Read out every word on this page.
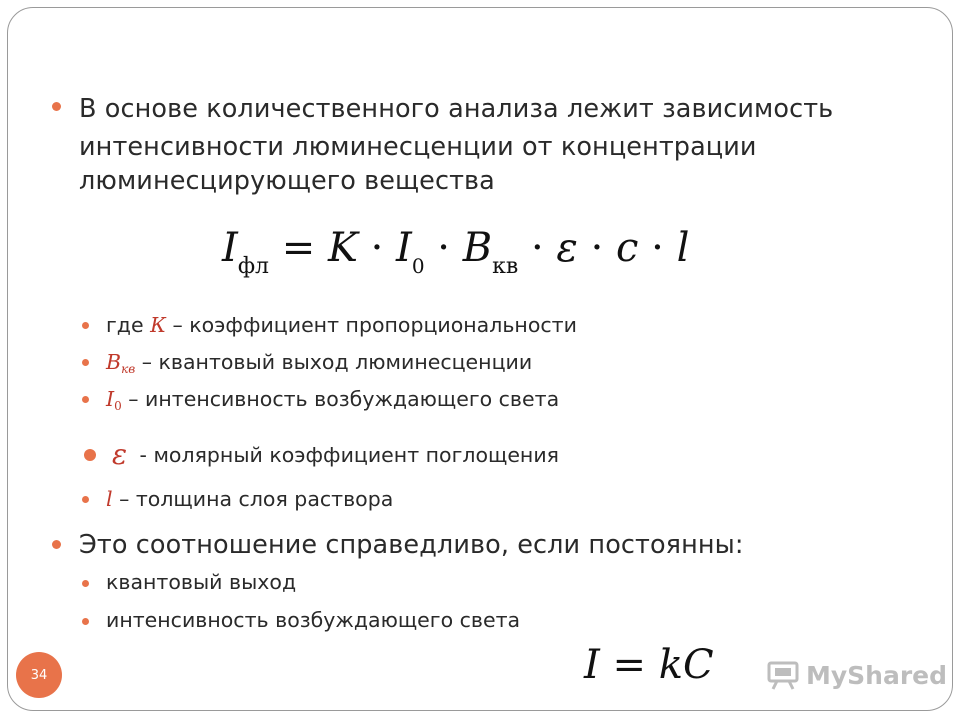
В основе количественного анализа лежит зависимость
интенсивности люминесценции от концентрации
люминесцирующего вещества
$I_{фл} = K \cdot I_0 \cdot B_{кв} \cdot \varepsilon \cdot c \cdot l$
где К – коэффициент пропорциональности
$В_{кв}$ – квантовый выход люминесценции
$I_0$ – интенсивность возбуждающего света
ε - молярный коэффициент поглощения
l – толщина слоя раствора
Это соотношение справедливо, если постоянны:
квантовый выход
интенсивность возбуждающего света
I = kC
34	MyShared
